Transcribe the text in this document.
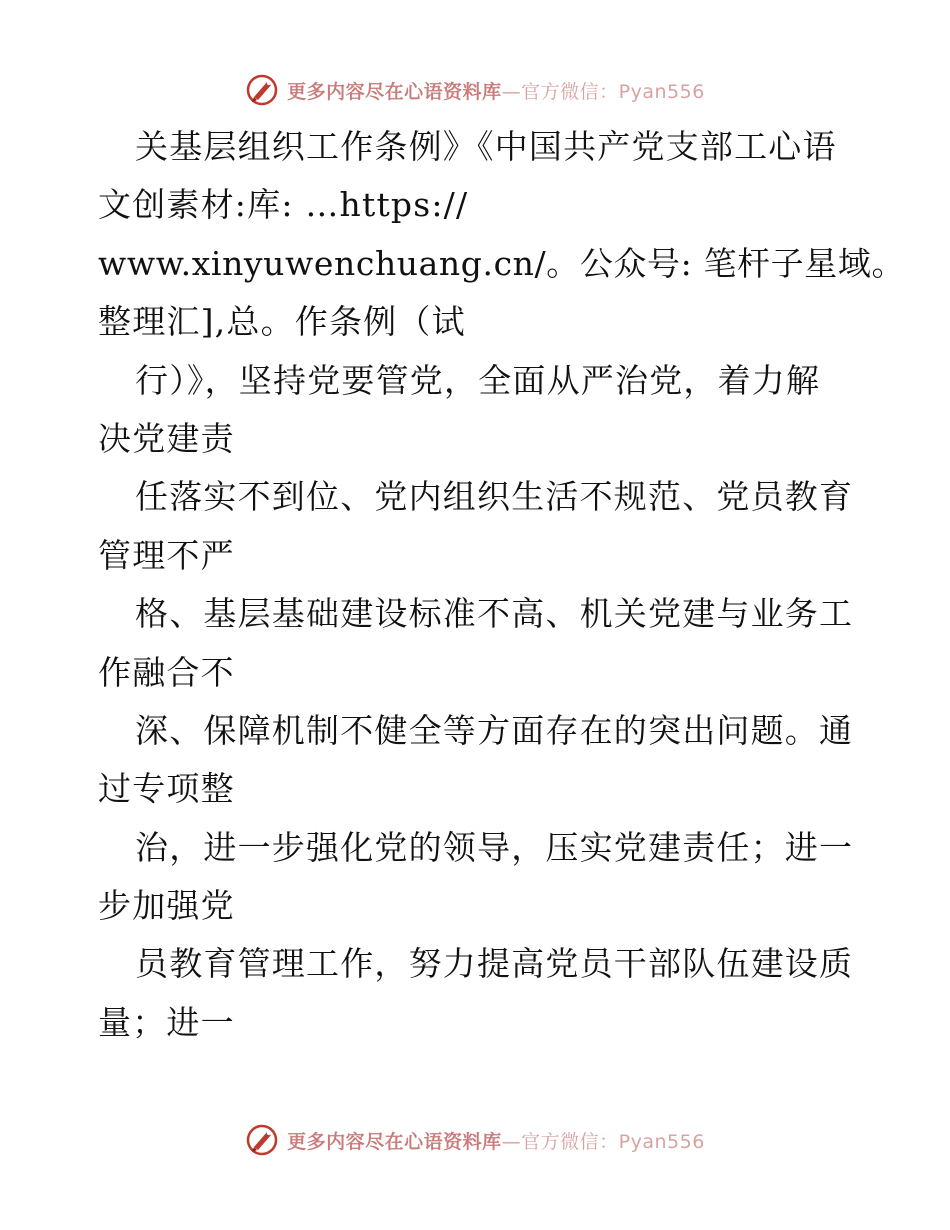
更多内容尽在心语资料库—官方微信：Pyan556
关基层组织工作条例》《中国共产党支部工心语
文创素材:库: …https://
www.xinyuwenchuang.cn/。公众号: 笔杆子星域。
整理汇],总。作条例（试
行）》，坚持党要管党，全面从严治党，着力解
决党建责
任落实不到位、党内组织生活不规范、党员教育
管理不严
格、基层基础建设标准不高、机关党建与业务工
作融合不
深、保障机制不健全等方面存在的突出问题。通
过专项整
治，进一步强化党的领导，压实党建责任；进一
步加强党
员教育管理工作，努力提高党员干部队伍建设质
量；进一
更多内容尽在心语资料库—官方微信：Pyan556
